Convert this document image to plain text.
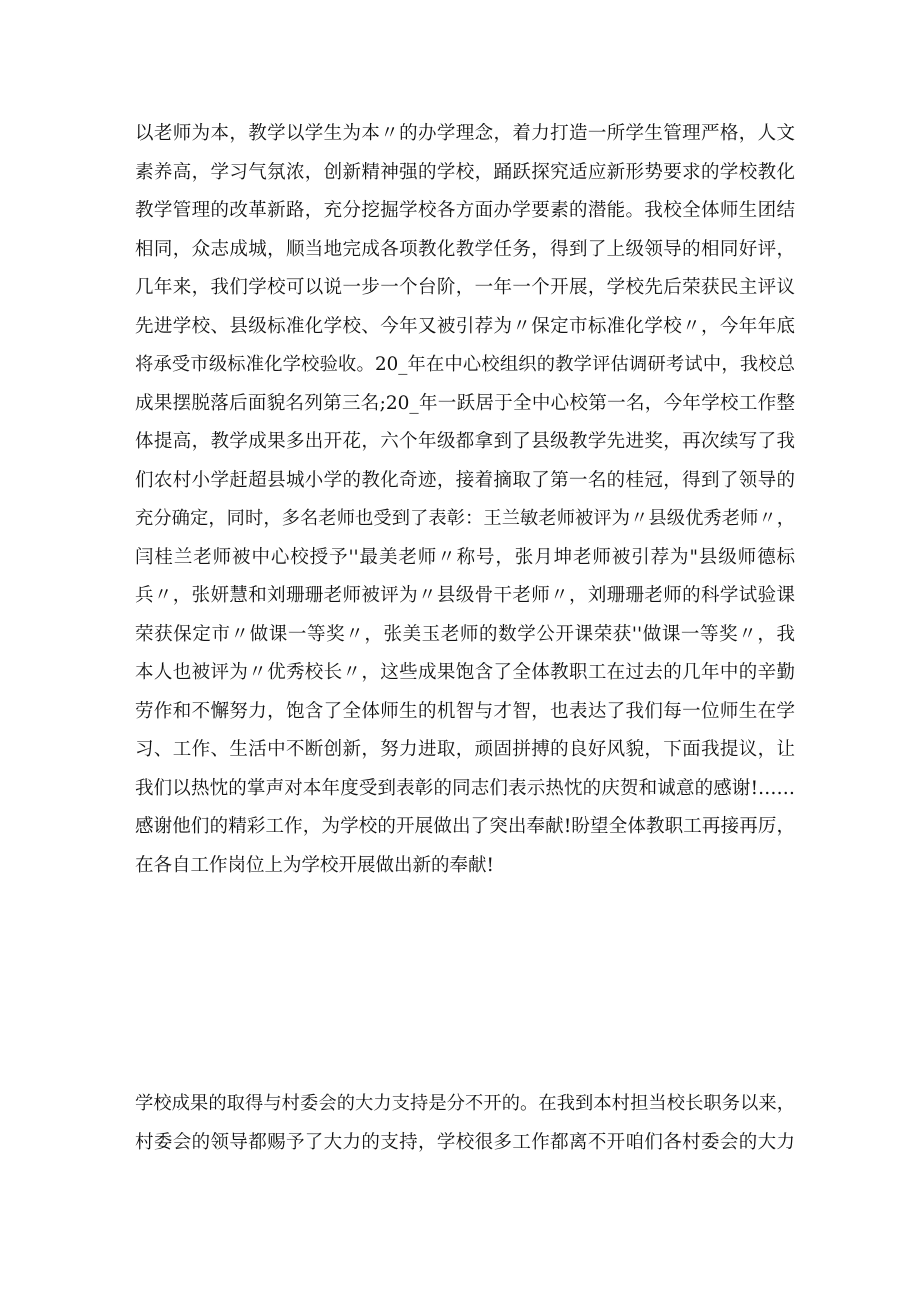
以老师为本，教学以学生为本〃的办学理念，着力打造一所学生管理严格，人文
素养高，学习气氛浓，创新精神强的学校，踊跃探究适应新形势要求的学校教化
教学管理的改革新路，充分挖掘学校各方面办学要素的潜能。我校全体师生团结
相同，众志成城，顺当地完成各项教化教学任务，得到了上级领导的相同好评，
几年来，我们学校可以说一步一个台阶，一年一个开展，学校先后荣获民主评议
先进学校、县级标准化学校、今年又被引荐为〃保定市标准化学校〃，今年年底
将承受市级标准化学校验收。20_年在中心校组织的教学评估调研考试中，我校总
成果摆脱落后面貌名列第三名;20_年一跃居于全中心校第一名，今年学校工作整
体提高，教学成果多出开花，六个年级都拿到了县级教学先进奖，再次续写了我
们农村小学赶超县城小学的教化奇迹，接着摘取了第一名的桂冠，得到了领导的
充分确定，同时，多名老师也受到了表彰：王兰敏老师被评为〃县级优秀老师〃，
闫桂兰老师被中心校授予''最美老师〃称号，张月坤老师被引荐为"县级师德标
兵〃，张妍慧和刘珊珊老师被评为〃县级骨干老师〃，刘珊珊老师的科学试验课
荣获保定市〃做课一等奖〃，张美玉老师的数学公开课荣获''做课一等奖〃，我
本人也被评为〃优秀校长〃，这些成果饱含了全体教职工在过去的几年中的辛勤
劳作和不懈努力，饱含了全体师生的机智与才智，也表达了我们每一位师生在学
习、工作、生活中不断创新，努力进取，顽固拼搏的良好风貌，下面我提议，让
我们以热忱的掌声对本年度受到表彰的同志们表示热忱的庆贺和诚意的感谢!……
感谢他们的精彩工作，为学校的开展做出了突出奉献!盼望全体教职工再接再厉，
在各自工作岗位上为学校开展做出新的奉献!
学校成果的取得与村委会的大力支持是分不开的。在我到本村担当校长职务以来，
村委会的领导都赐予了大力的支持，学校很多工作都离不开咱们各村委会的大力
